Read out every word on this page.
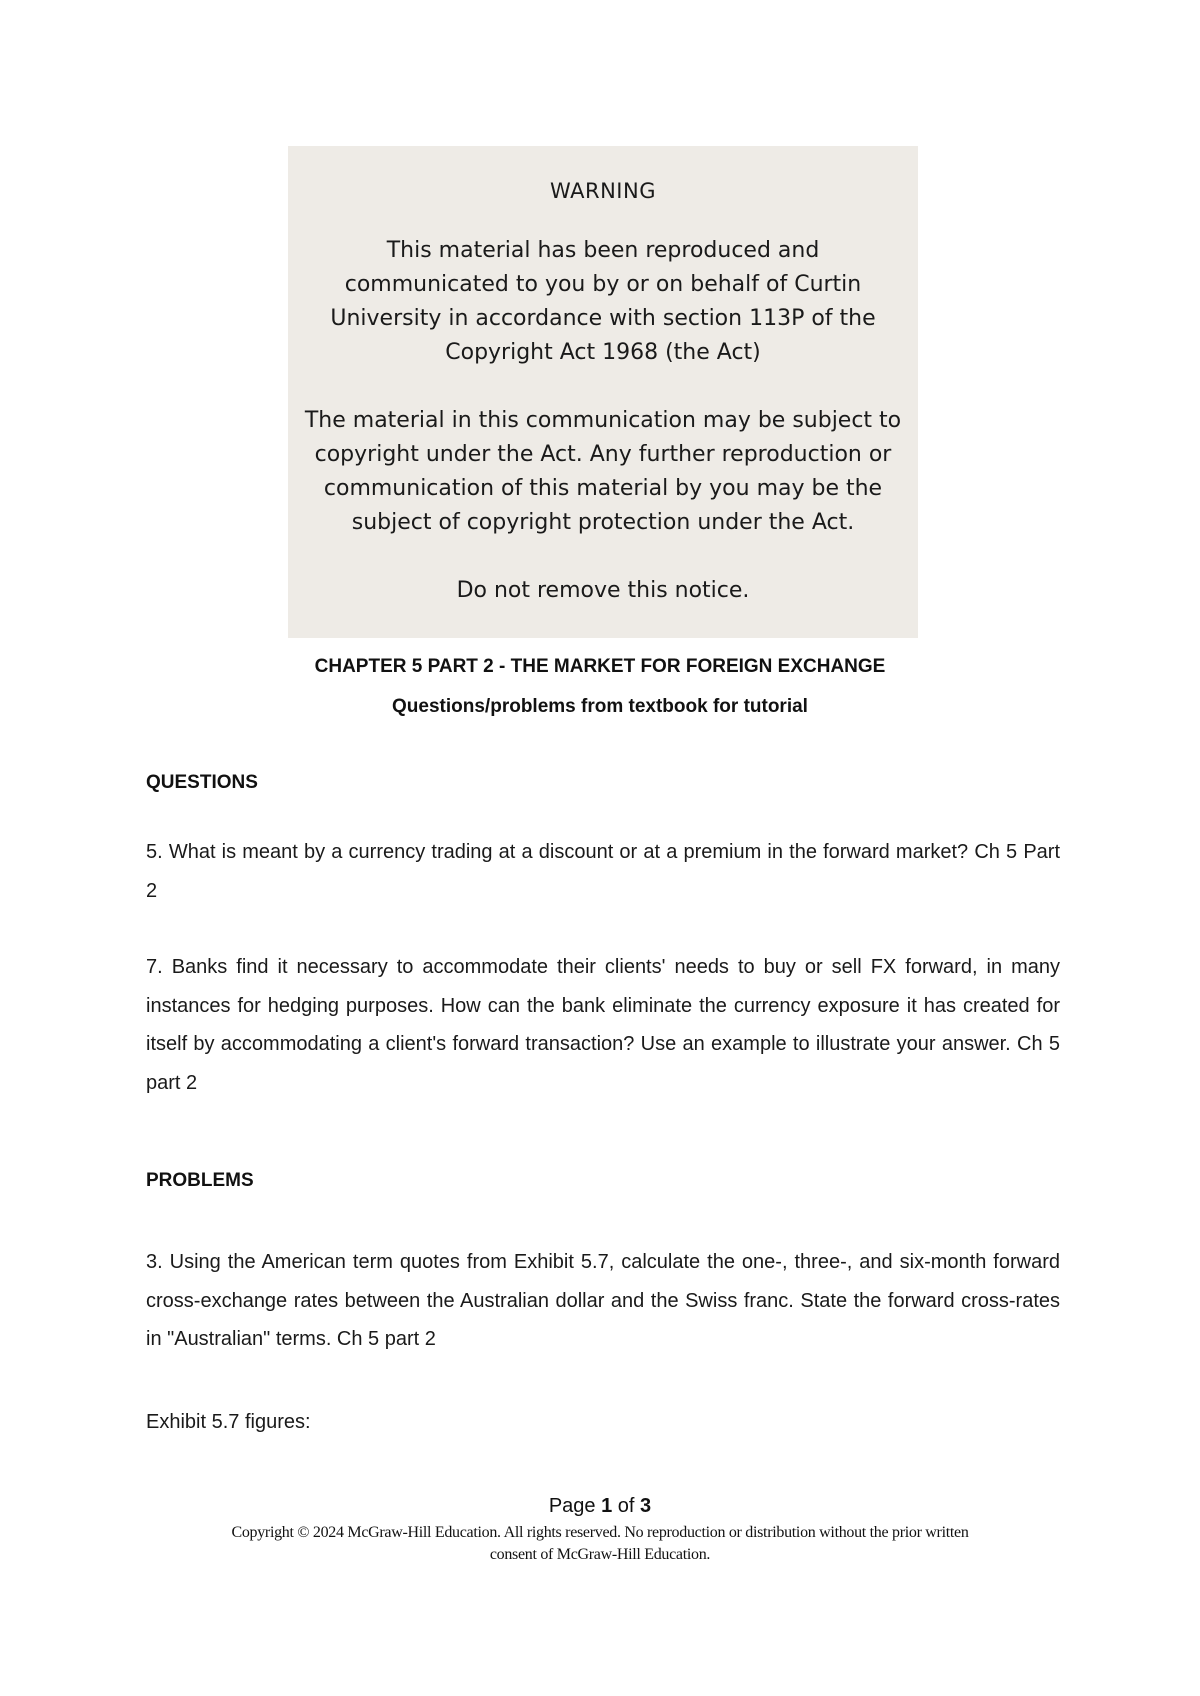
WARNING

This material has been reproduced and
communicated to you by or on behalf of Curtin
University in accordance with section 113P of the
Copyright Act 1968 (the Act)

The material in this communication may be subject to
copyright under the Act. Any further reproduction or
communication of this material by you may be the
subject of copyright protection under the Act.

Do not remove this notice.

CHAPTER 5 PART 2 - THE MARKET FOR FOREIGN EXCHANGE
Questions/problems from textbook for tutorial
QUESTIONS
5. What is meant by a currency trading at a discount or at a premium in the forward market? Ch 5 Part 2
7. Banks find it necessary to accommodate their clients' needs to buy or sell FX forward, in many instances for hedging purposes. How can the bank eliminate the currency exposure it has created for itself by accommodating a client's forward transaction? Use an example to illustrate your answer. Ch 5 part 2
PROBLEMS
3. Using the American term quotes from Exhibit 5.7, calculate the one-, three-, and six-month forward cross-exchange rates between the Australian dollar and the Swiss franc. State the forward cross-rates in "Australian" terms. Ch 5 part 2
Exhibit 5.7 figures:
Page 1 of 3
Copyright © 2024 McGraw-Hill Education. All rights reserved. No reproduction or distribution without the prior written
consent of McGraw-Hill Education.
